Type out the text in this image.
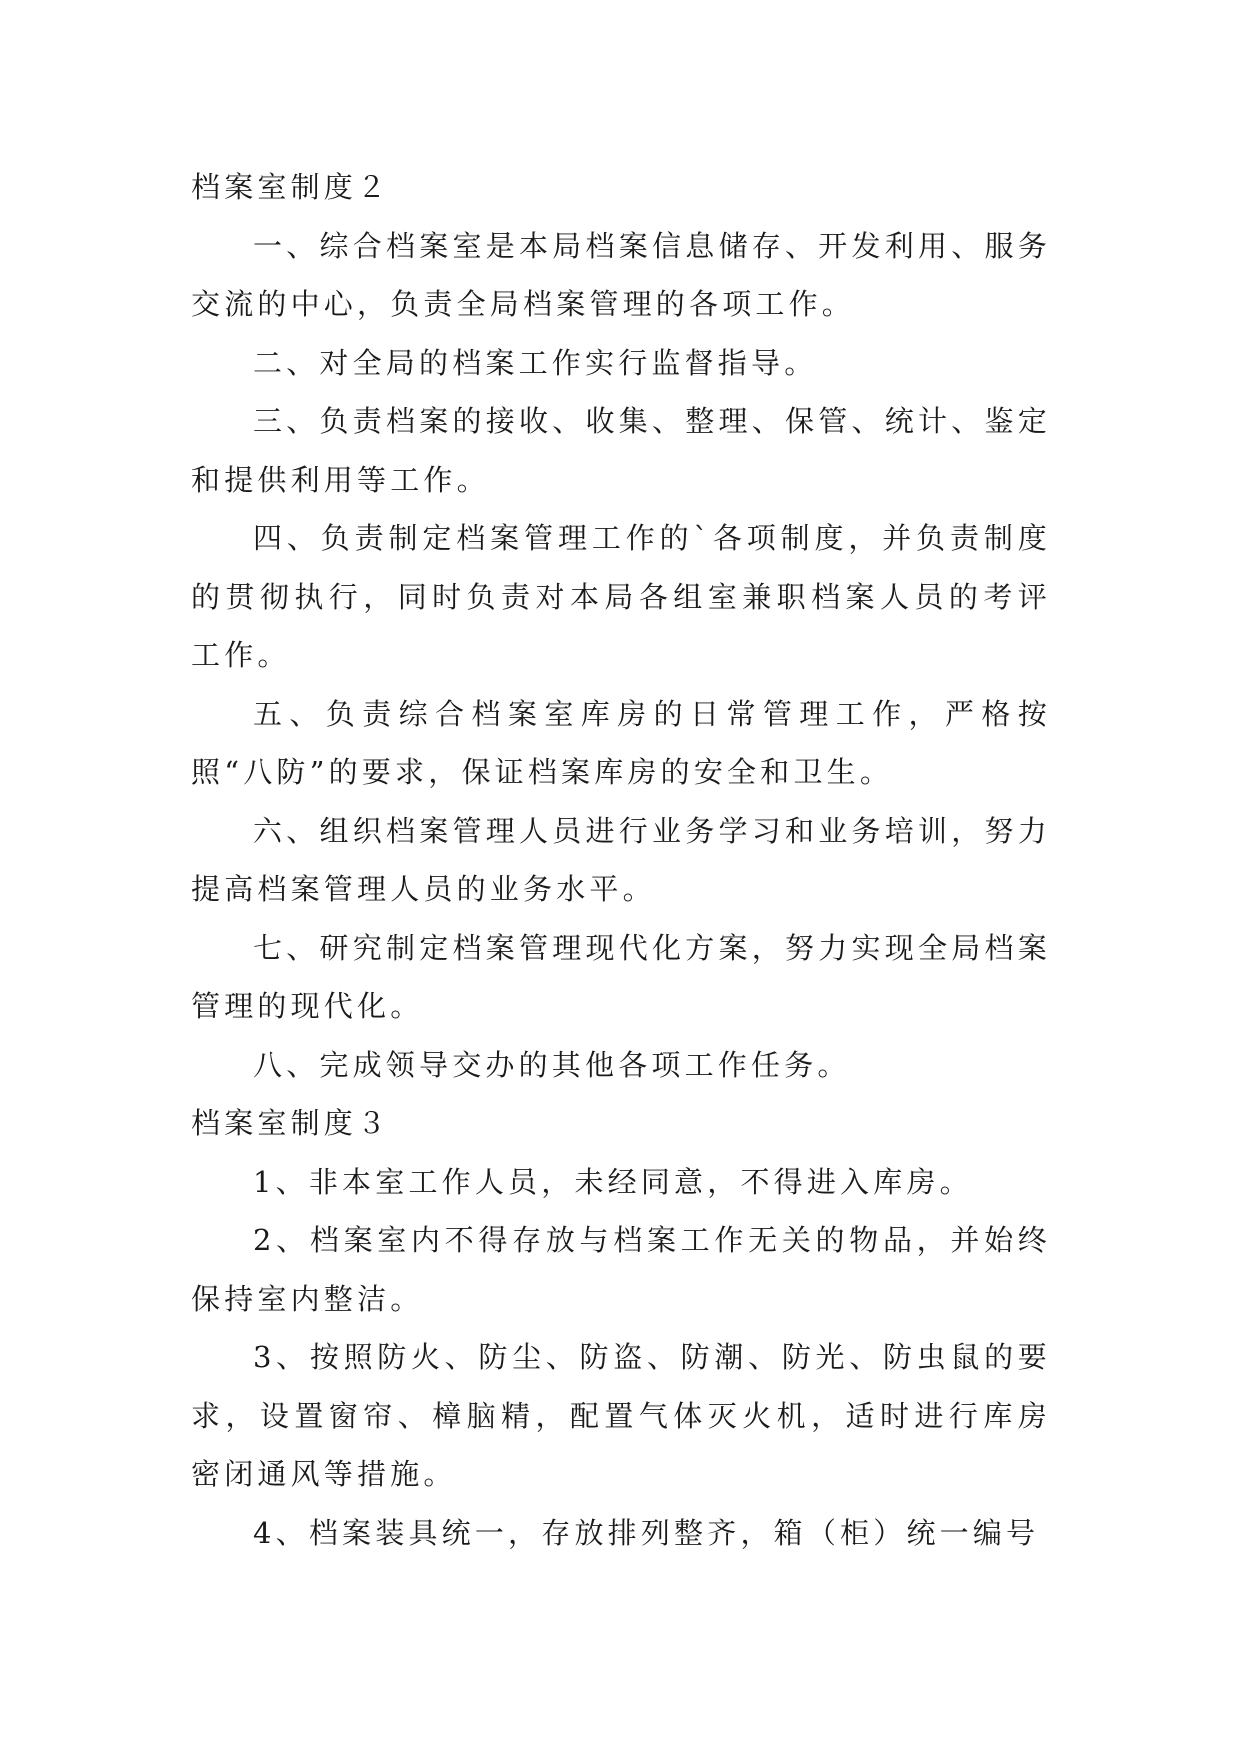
档案室制度２

一、综合档案室是本局档案信息储存、开发利用、服务交流的中心，负责全局档案管理的各项工作。

二、对全局的档案工作实行监督指导。

三、负责档案的接收、收集、整理、保管、统计、鉴定和提供利用等工作。

四、负责制定档案管理工作的`各项制度，并负责制度的贯彻执行，同时负责对本局各组室兼职档案人员的考评工作。

五、负责综合档案室库房的日常管理工作，严格按照“八防”的要求，保证档案库房的安全和卫生。

六、组织档案管理人员进行业务学习和业务培训，努力提高档案管理人员的业务水平。

七、研究制定档案管理现代化方案，努力实现全局档案管理的现代化。

八、完成领导交办的其他各项工作任务。

档案室制度３

1、非本室工作人员，未经同意，不得进入库房。

2、档案室内不得存放与档案工作无关的物品，并始终保持室内整洁。

3、按照防火、防尘、防盗、防潮、防光、防虫鼠的要求，设置窗帘、樟脑精，配置气体灭火机，适时进行库房密闭通风等措施。

4、档案装具统一，存放排列整齐，箱（柜）统一编号
